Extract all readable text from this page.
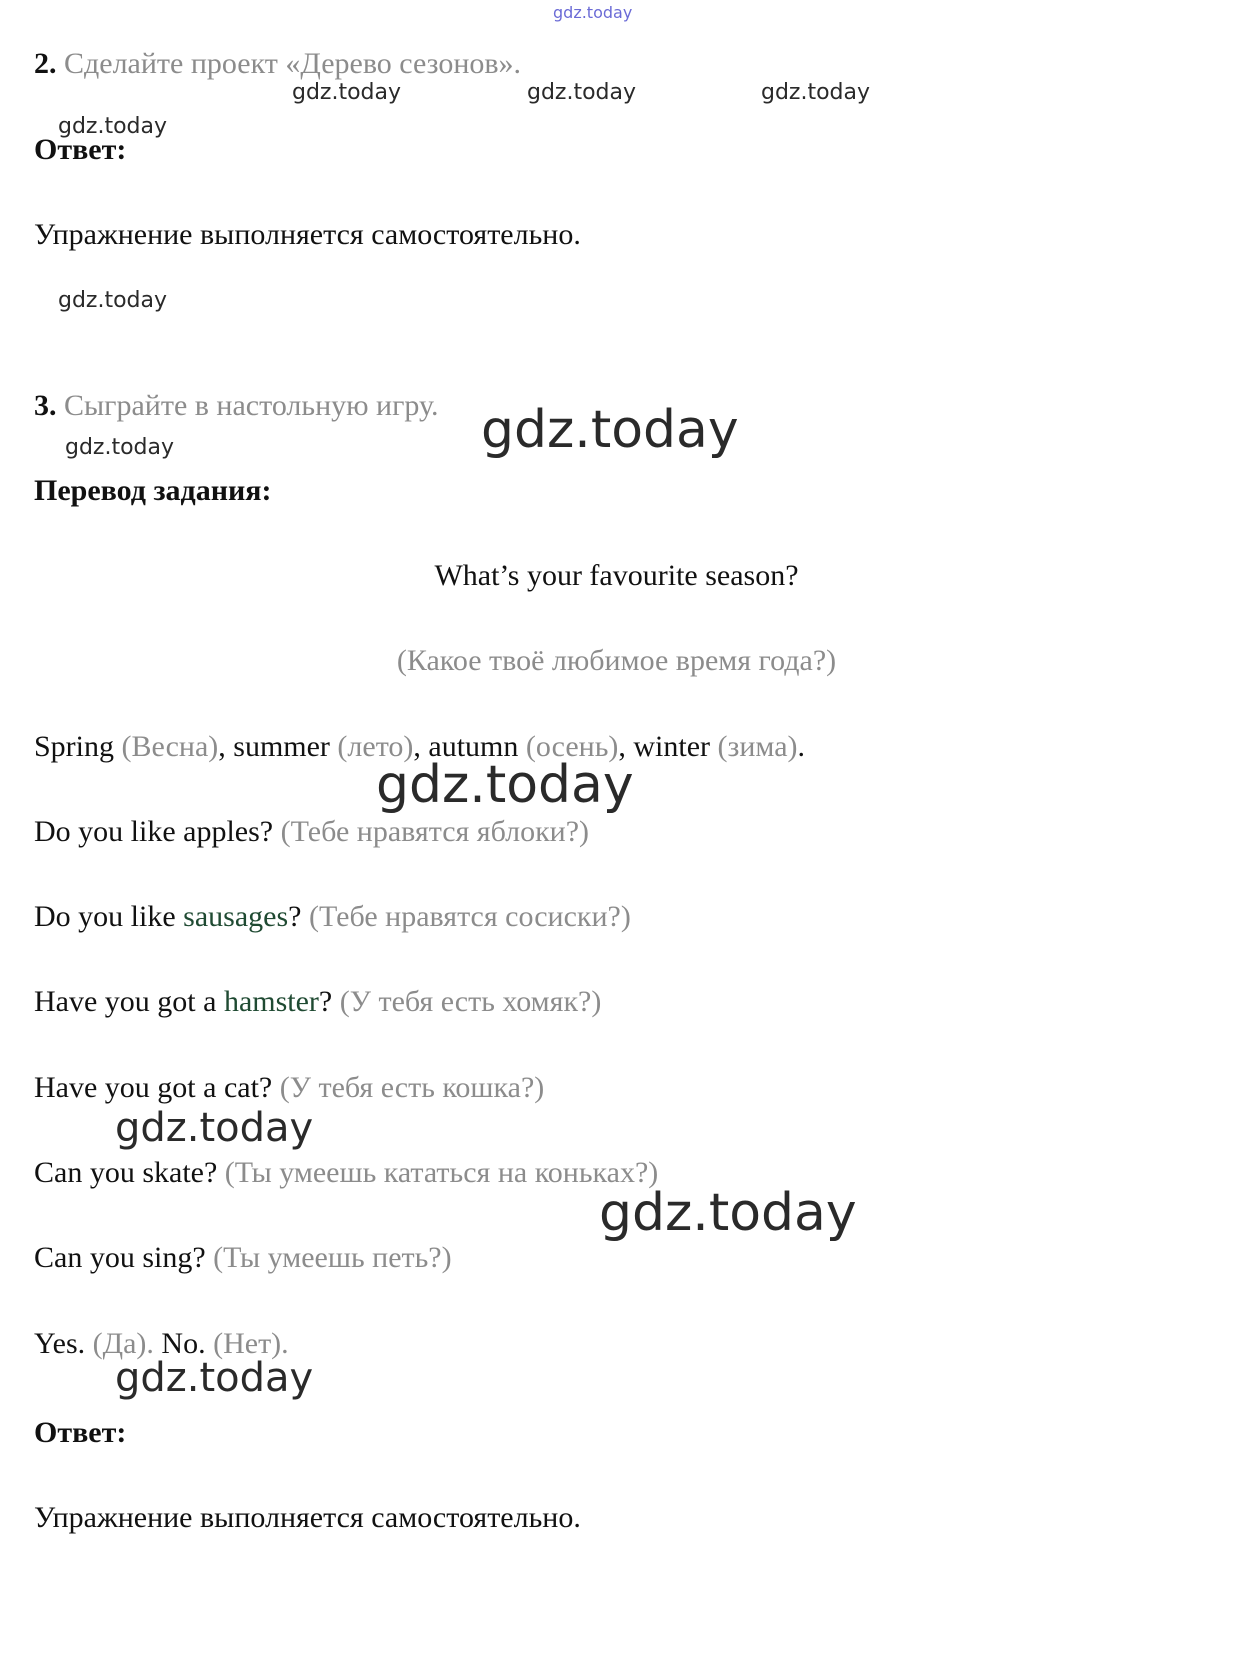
gdz.today
2. Сделайте проект «Дерево сезонов».
gdz.today	gdz.today	gdz.today
gdz.today
Ответ:
Упражнение выполняется самостоятельно.
gdz.today
3. Сыграйте в настольную игру. gdz.today
gdz.today
Перевод задания:
What’s your favourite season?
(Какое твоё любимое время года?)
Spring (Весна), summer (лето), autumn (осень), winter (зима).
gdz.today
Do you like apples? (Тебе нравятся яблоки?)
Do you like sausages? (Тебе нравятся сосиски?)
Have you got a hamster? (У тебя есть хомяк?)
Have you got a cat? (У тебя есть кошка?)
gdz.today
Can you skate? (Ты умеешь кататься на коньках?)
gdz.today
Can you sing? (Ты умеешь петь?)
Yes. (Да). No. (Нет).
gdz.today
Ответ:
Упражнение выполняется самостоятельно.
